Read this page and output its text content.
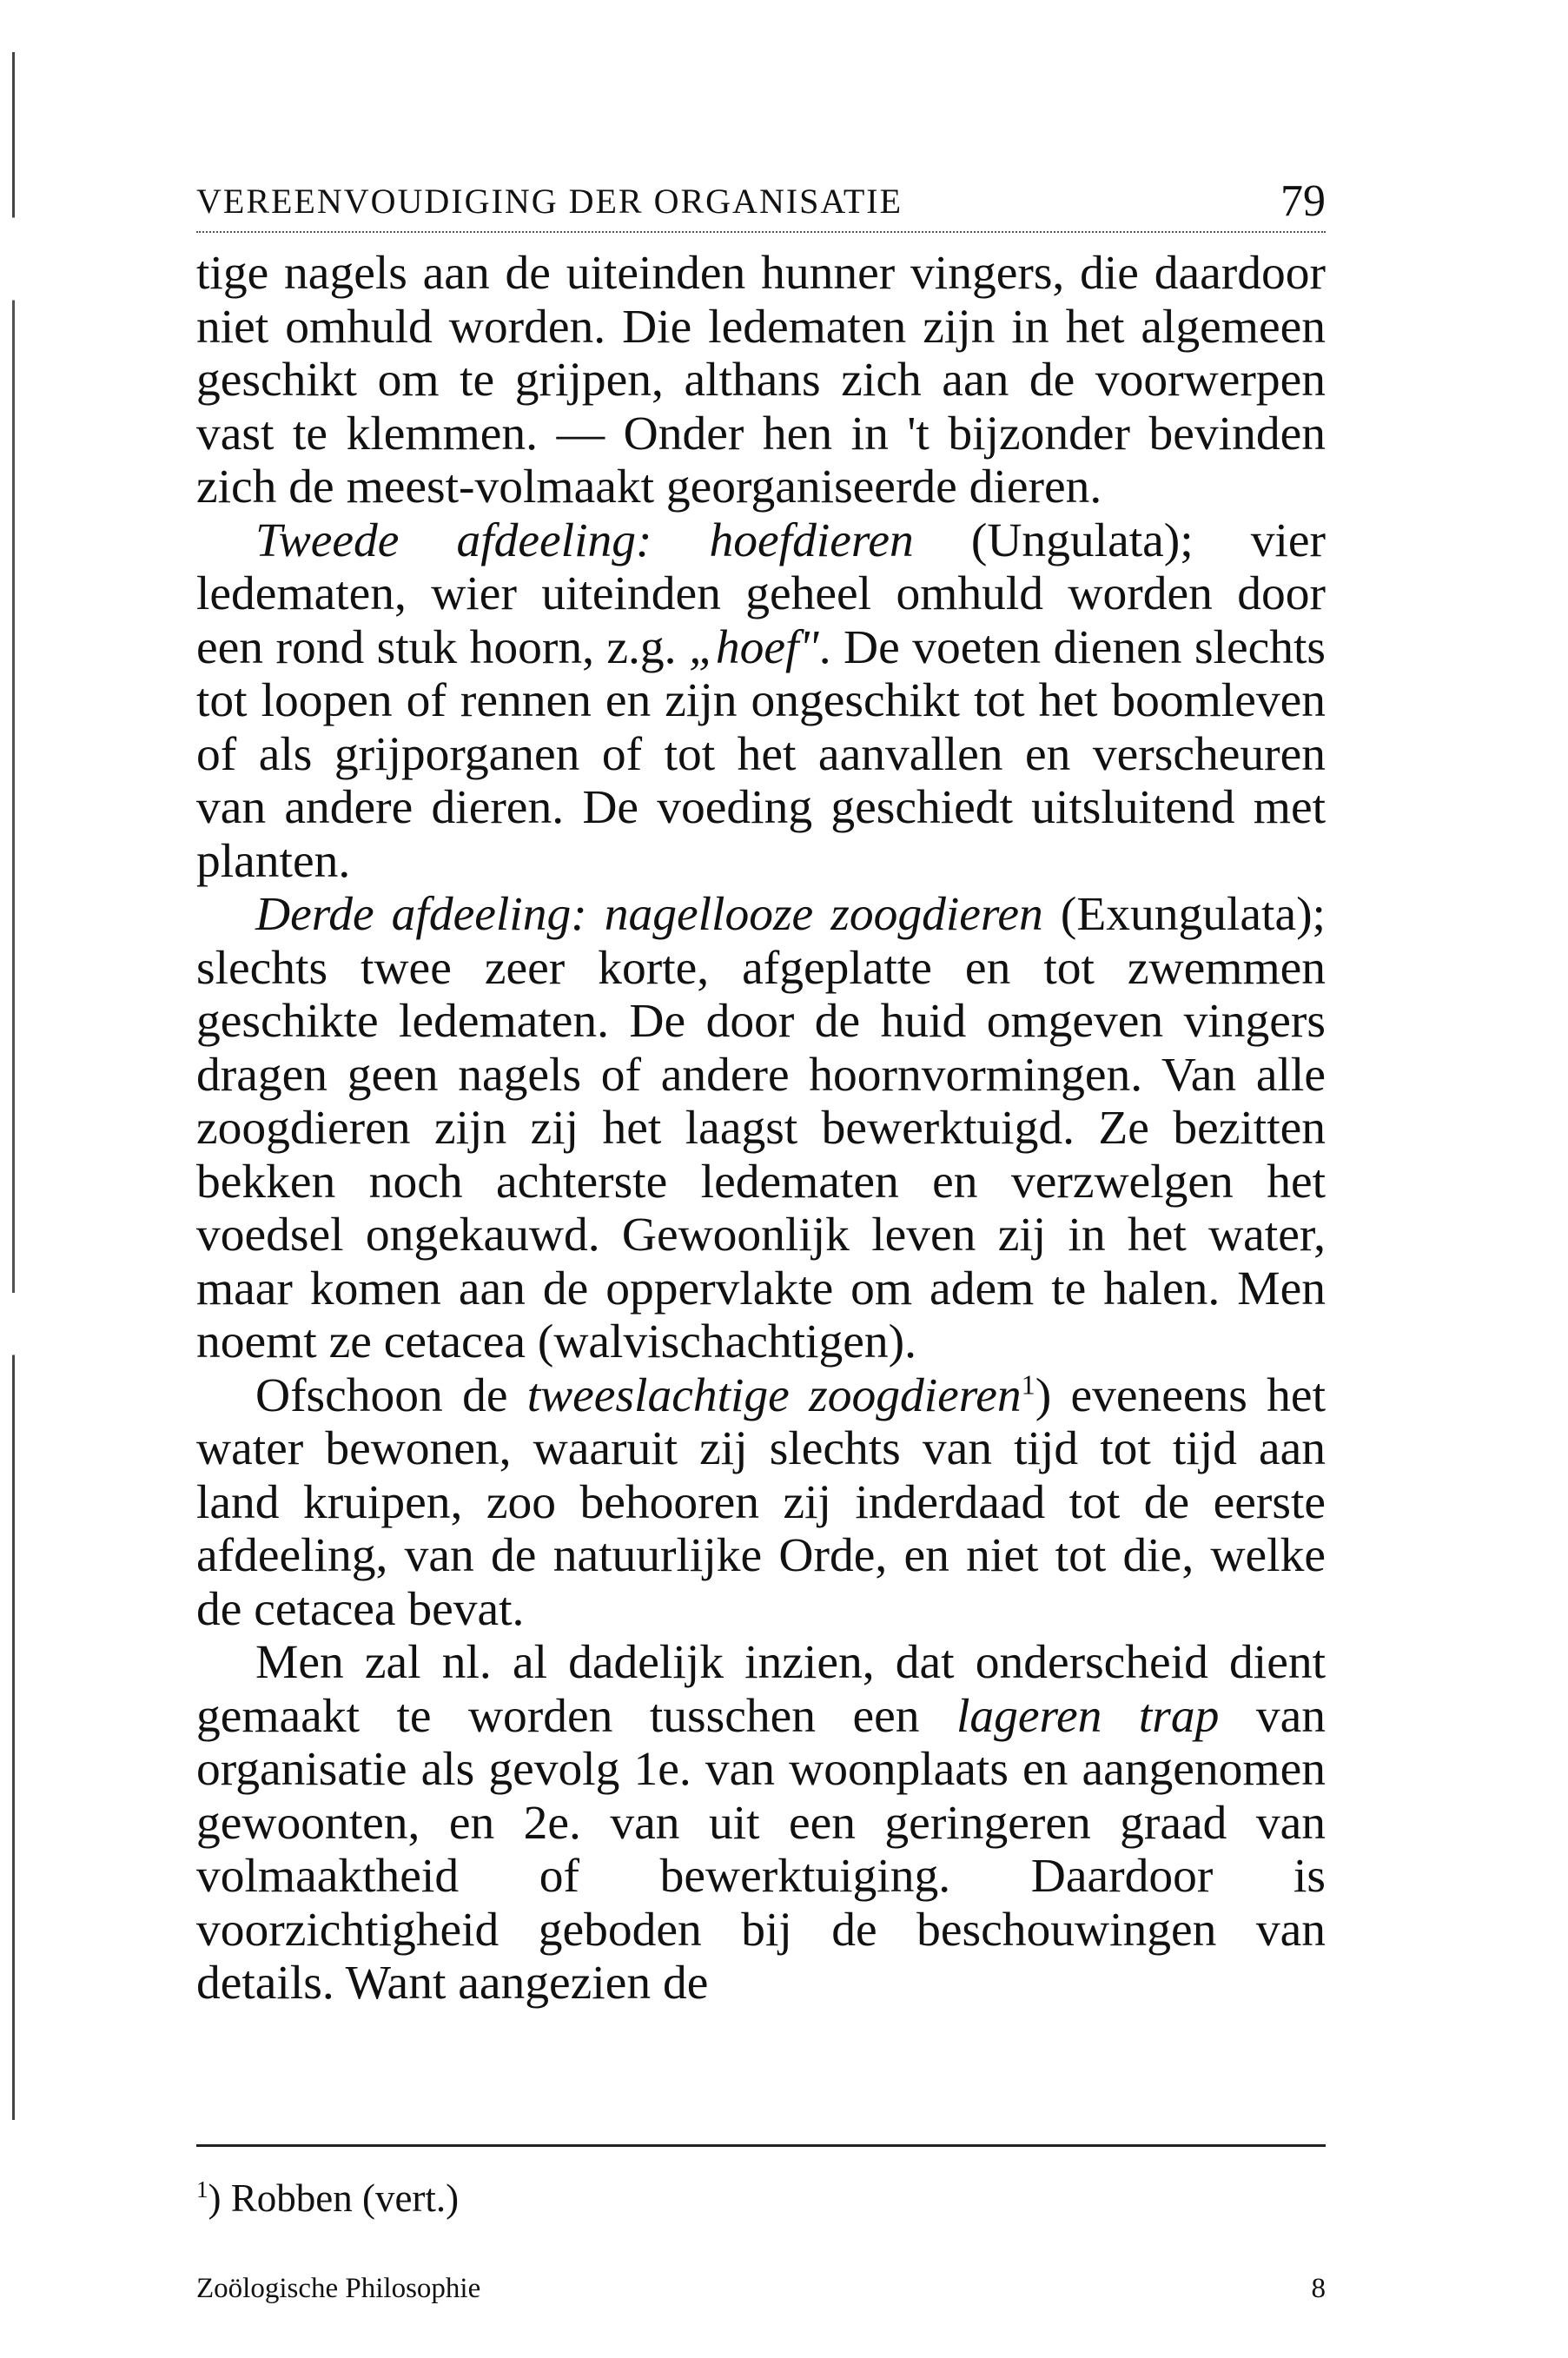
VEREENVOUDIGING DER ORGANISATIE	79

tige nagels aan de uiteinden hunner vingers, die daardoor niet omhuld worden. Die ledematen zijn in het algemeen geschikt om te grijpen, althans zich aan de voorwerpen vast te klemmen. — Onder hen in 't bijzonder bevinden zich de meest-volmaakt georganiseerde dieren.

Tweede afdeeling: hoefdieren (Ungulata); vier ledematen, wier uiteinden geheel omhuld worden door een rond stuk hoorn, z.g. „hoef". De voeten dienen slechts tot loopen of rennen en zijn ongeschikt tot het boomleven of als grijporganen of tot het aanvallen en verscheuren van andere dieren. De voeding geschiedt uitsluitend met planten.

Derde afdeeling: nagellooze zoogdieren (Exungulata); slechts twee zeer korte, afgeplatte en tot zwemmen geschikte ledematen. De door de huid omgeven vingers dragen geen nagels of andere hoornvormingen. Van alle zoogdieren zijn zij het laagst bewerktuigd. Ze bezitten bekken noch achterste ledematen en verzwelgen het voedsel ongekauwd. Gewoonlijk leven zij in het water, maar komen aan de oppervlakte om adem te halen. Men noemt ze cetacea (walvischachtigen).

Ofschoon de tweeslachtige zoogdieren$^1$) eveneens het water bewonen, waaruit zij slechts van tijd tot tijd aan land kruipen, zoo behooren zij inderdaad tot de eerste afdeeling, van de natuurlijke Orde, en niet tot die, welke de cetacea bevat.

Men zal nl. al dadelijk inzien, dat onderscheid dient gemaakt te worden tusschen een lageren trap van organisatie als gevolg 1e. van woonplaats en aangenomen gewoonten, en 2e. van uit een geringeren graad van volmaaktheid of bewerktuiging. Daardoor is voorzichtigheid geboden bij de beschouwingen van details. Want aangezien de

$^1$) Robben (vert.)
Zoölogische Philosophie	8
